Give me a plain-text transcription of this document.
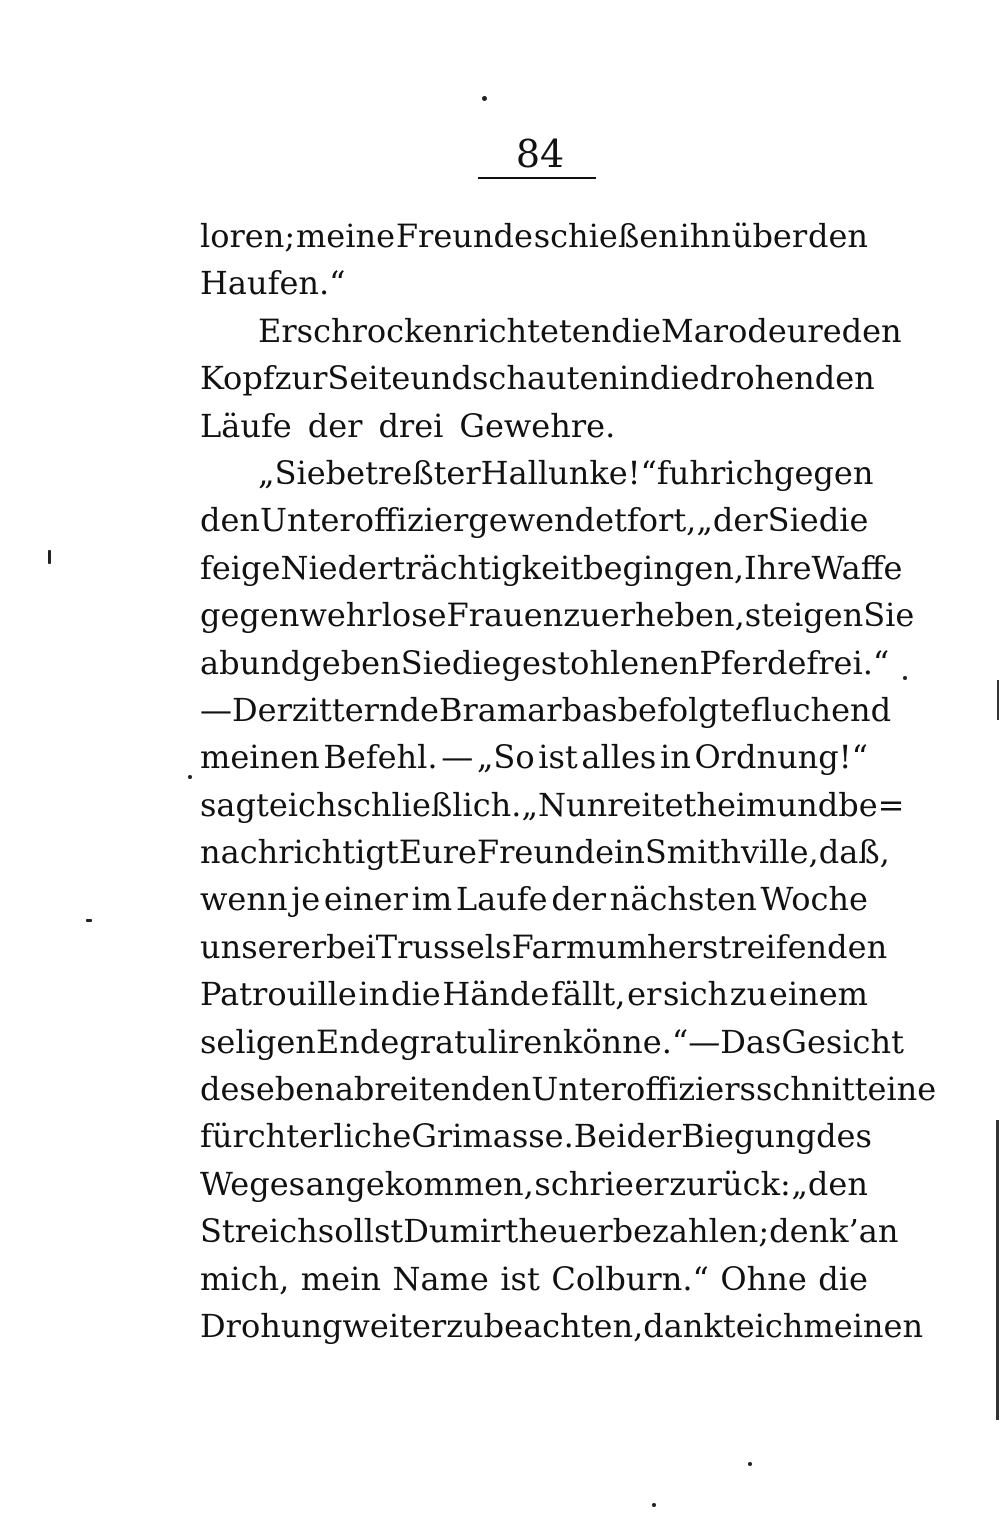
84
loren; meine Freunde schießen ihn über den
Haufen.“
Erschrocken richteten die Marodeure den
Kopf zur Seite und schauten in die drohenden
Läufe der drei Gewehre.
„Sie betreßter Hallunke!“ fuhr ich gegen
den Unteroffizier gewendet fort, „der Sie die
feige Niederträchtigkeit begingen, Ihre Waffe
gegen wehrlose Frauen zu erheben, steigen Sie
ab und geben Sie die gestohlenen Pferde frei.“
— Der zitternde Bramarbas befolgte fluchend
meinen Befehl. — „So ist alles in Ordnung!“
sagte ich schließlich. „Nun reitet heim und be=
nachrichtigt Eure Freunde in Smithville, daß,
wenn je einer im Laufe der nächsten Woche
unserer bei Trussels Farm umherstreifenden
Patrouille in die Hände fällt, er sich zu einem
seligen Ende gratuliren könne.“ — Das Gesicht
des eben abreitenden Unteroffiziers schnitt eine
fürchterliche Grimasse. Bei der Biegung des
Weges angekommen, schrie er zurück: „den
Streich sollst Du mir theuer bezahlen; denk’ an
mich, mein Name ist Colburn.“ Ohne die
Drohung weiter zu beachten, dankte ich meinen
